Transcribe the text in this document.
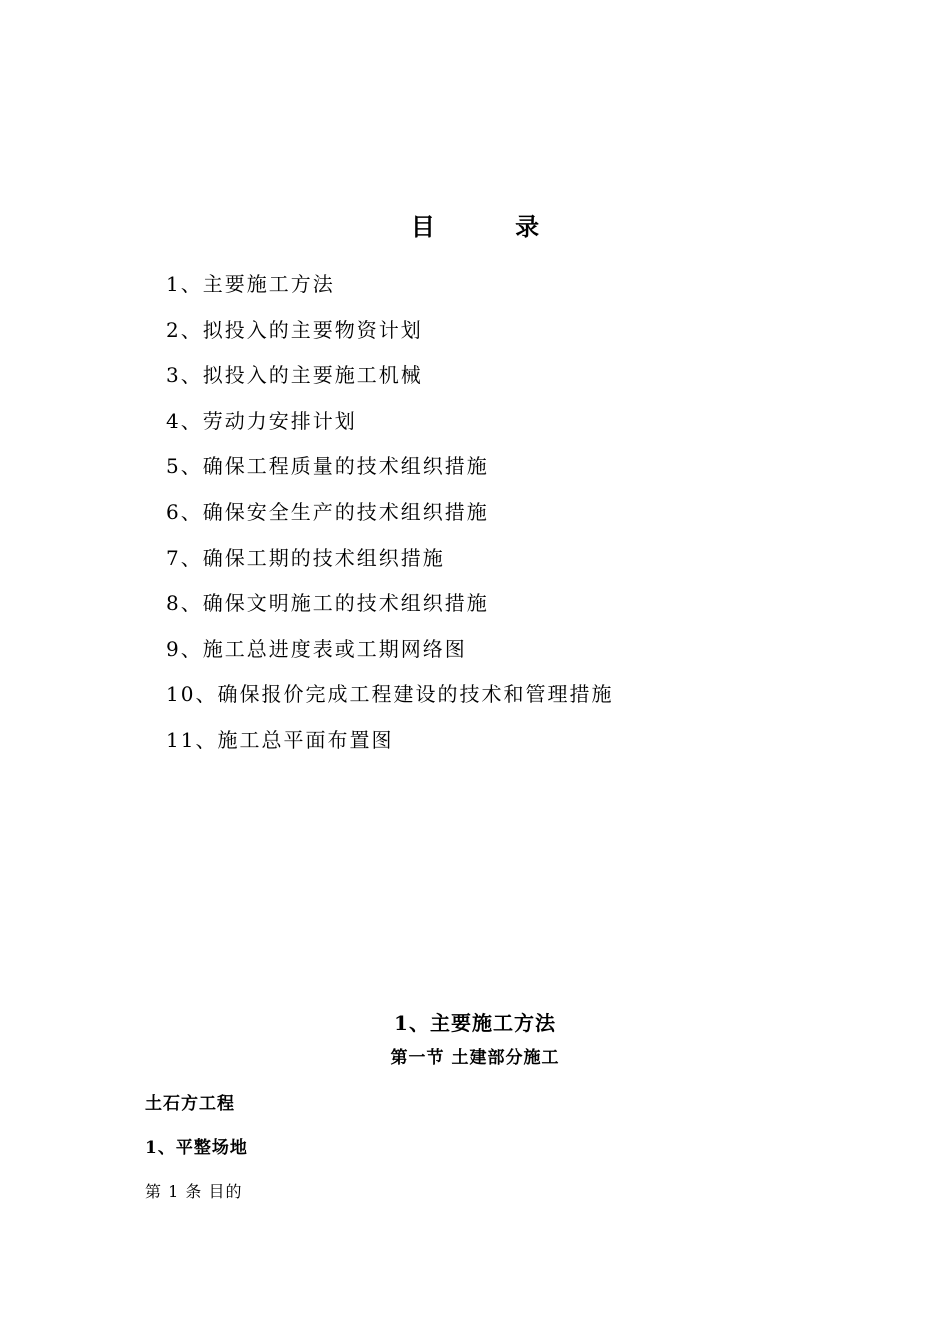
目 录
1、主要施工方法
2、拟投入的主要物资计划
3、拟投入的主要施工机械
4、劳动力安排计划
5、确保工程质量的技术组织措施
6、确保安全生产的技术组织措施
7、确保工期的技术组织措施
8、确保文明施工的技术组织措施
9、施工总进度表或工期网络图
10、确保报价完成工程建设的技术和管理措施
11、施工总平面布置图
1、主要施工方法
第一节 土建部分施工
土石方工程
1、平整场地
第 1 条 目的
